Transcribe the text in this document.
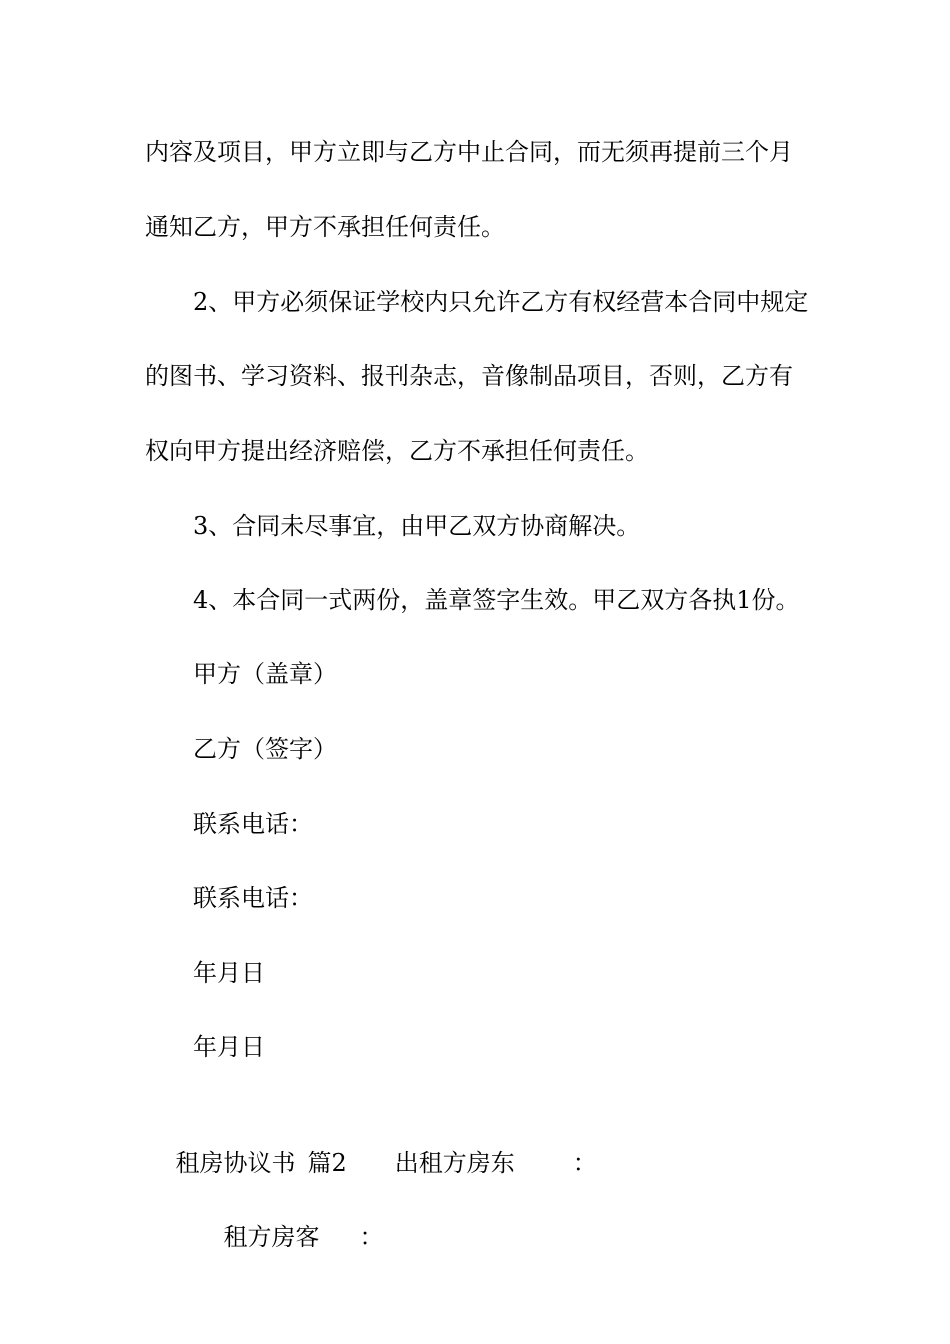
内容及项目，甲方立即与乙方中止合同，而无须再提前三个月
通知乙方，甲方不承担任何责任。
2、甲方必须保证学校内只允许乙方有权经营本合同中规定
的图书、学习资料、报刊杂志，音像制品项目，否则，乙方有
权向甲方提出经济赔偿，乙方不承担任何责任。
3、合同未尽事宜，由甲乙双方协商解决。
4、本合同一式两份，盖章签字生效。甲乙双方各执1份。
甲方（盖章）
乙方（签字）
联系电话：
联系电话：
年月日
年月日

租房协议书 篇2 出租方房东 ：

租方房客 ：
